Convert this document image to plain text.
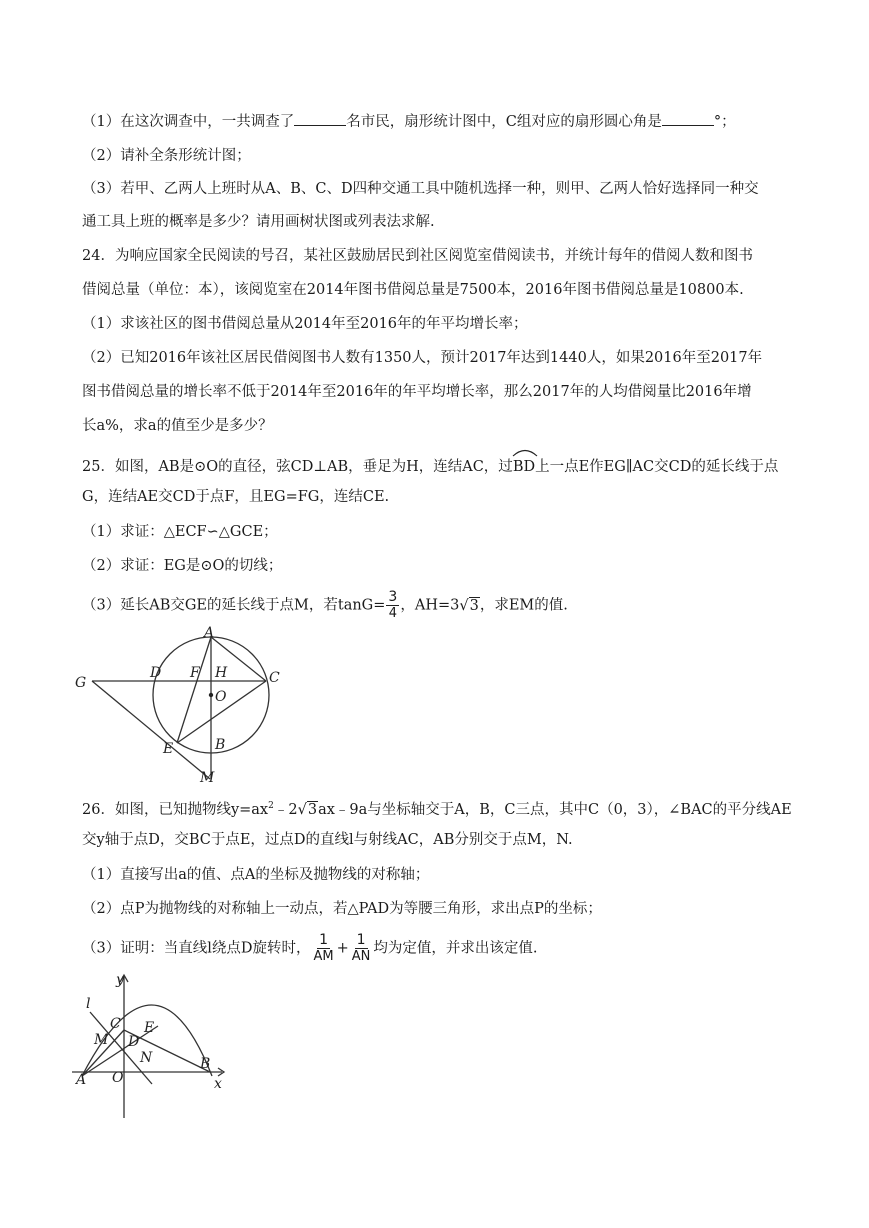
（1）在这次调查中，一共调查了	名市民，扇形统计图中，C组对应的扇形圆心角是	°；
（2）请补全条形统计图；
（3）若甲、乙两人上班时从A、B、C、D四种交通工具中随机选择一种，则甲、乙两人恰好选择同一种交
通工具上班的概率是多少？请用画树状图或列表法求解.
24．为响应国家全民阅读的号召，某社区鼓励居民到社区阅览室借阅读书，并统计每年的借阅人数和图书
借阅总量（单位：本），该阅览室在2014年图书借阅总量是7500本，2016年图书借阅总量是10800本.
（1）求该社区的图书借阅总量从2014年至2016年的年平均增长率；
（2）已知2016年该社区居民借阅图书人数有1350人，预计2017年达到1440人，如果2016年至2017年
图书借阅总量的增长率不低于2014年至2016年的年平均增长率，那么2017年的人均借阅量比2016年增
长a%，求a的值至少是多少？
25．如图，AB是⊙O的直径，弦CD⊥AB，垂足为H，连结AC，过
BD上一点E作EG∥AC交CD的延长线于点
G，连结AE交CD于点F，且EG=FG，连结CE.
（1）求证：△ECF∽△GCE；
（2）求证：EG是⊙O的切线；
（3）延长AB交GE的延长线于点M，若$\tan G= \frac{3}{4}$ ，AH=3√3，求EM的值.
A
B
C
D
E
F
G
H
O
M
26．如图，已知抛物线$y=ax^2﹣2√3ax﹣9a$与坐标轴交于A，B，C三点，其中C（0，3），∠BAC的平分线AE
交y轴于点D，交BC于点E，过点D的直线l与射线AC，AB分别交于点M，N.
（1）直接写出a的值、点A的坐标及抛物线的对称轴；
（2）点P为抛物线的对称轴上一动点，若△PAD为等腰三角形，求出点P的坐标；
（3）证明：当直线l绕点D旋转时， $\frac{1}{AM} + \frac{1}{AN}$ 均为定值，并求出该定值.
y
x
l
C E
M D
N	B
A O
